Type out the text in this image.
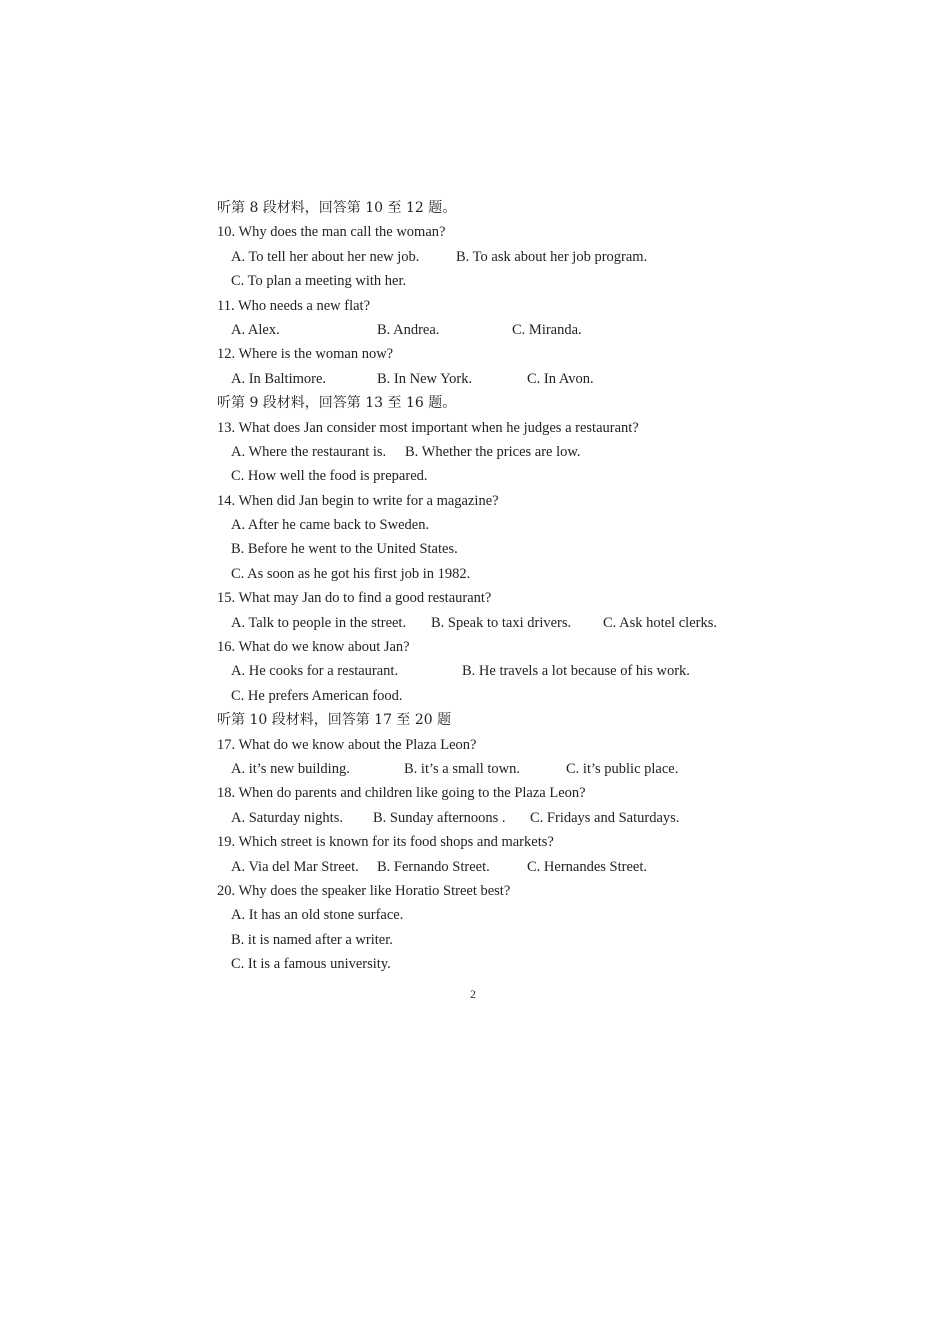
听第 8 段材料，回答第 10 至 12 题。
10. Why does the man call the woman?
A. To tell her about her new job.	B. To ask about her job program.
C. To plan a meeting with her.
11. Who needs a new flat?
A. Alex.	B. Andrea.	C. Miranda.
12. Where is the woman now?
A. In Baltimore.	B. In New York.	C. In Avon.
听第 9 段材料，回答第 13 至 16 题。
13. What does Jan consider most important when he judges a restaurant?
A. Where the restaurant is. B. Whether the prices are low.
C. How well the food is prepared.
14. When did Jan begin to write for a magazine?
A. After he came back to Sweden.
B. Before he went to the United States.
C. As soon as he got his first job in 1982.
15. What may Jan do to find a good restaurant?
A. Talk to people in the street. B. Speak to taxi drivers. C. Ask hotel clerks.
16. What do we know about Jan?
A. He cooks for a restaurant.	B. He travels a lot because of his work.
C. He prefers American food.
听第 10 段材料，回答第 17 至 20 题
17. What do we know about the Plaza Leon?
A. it’s new building.	B. it’s a small town.	C. it’s public place.
18. When do parents and children like going to the Plaza Leon?
A. Saturday nights. B. Sunday afternoons . C. Fridays and Saturdays.
19. Which street is known for its food shops and markets?
A. Via del Mar Street. B. Fernando Street.	C. Hernandes Street.
20. Why does the speaker like Horatio Street best?
A. It has an old stone surface.
B. it is named after a writer.
C. It is a famous university.
2
